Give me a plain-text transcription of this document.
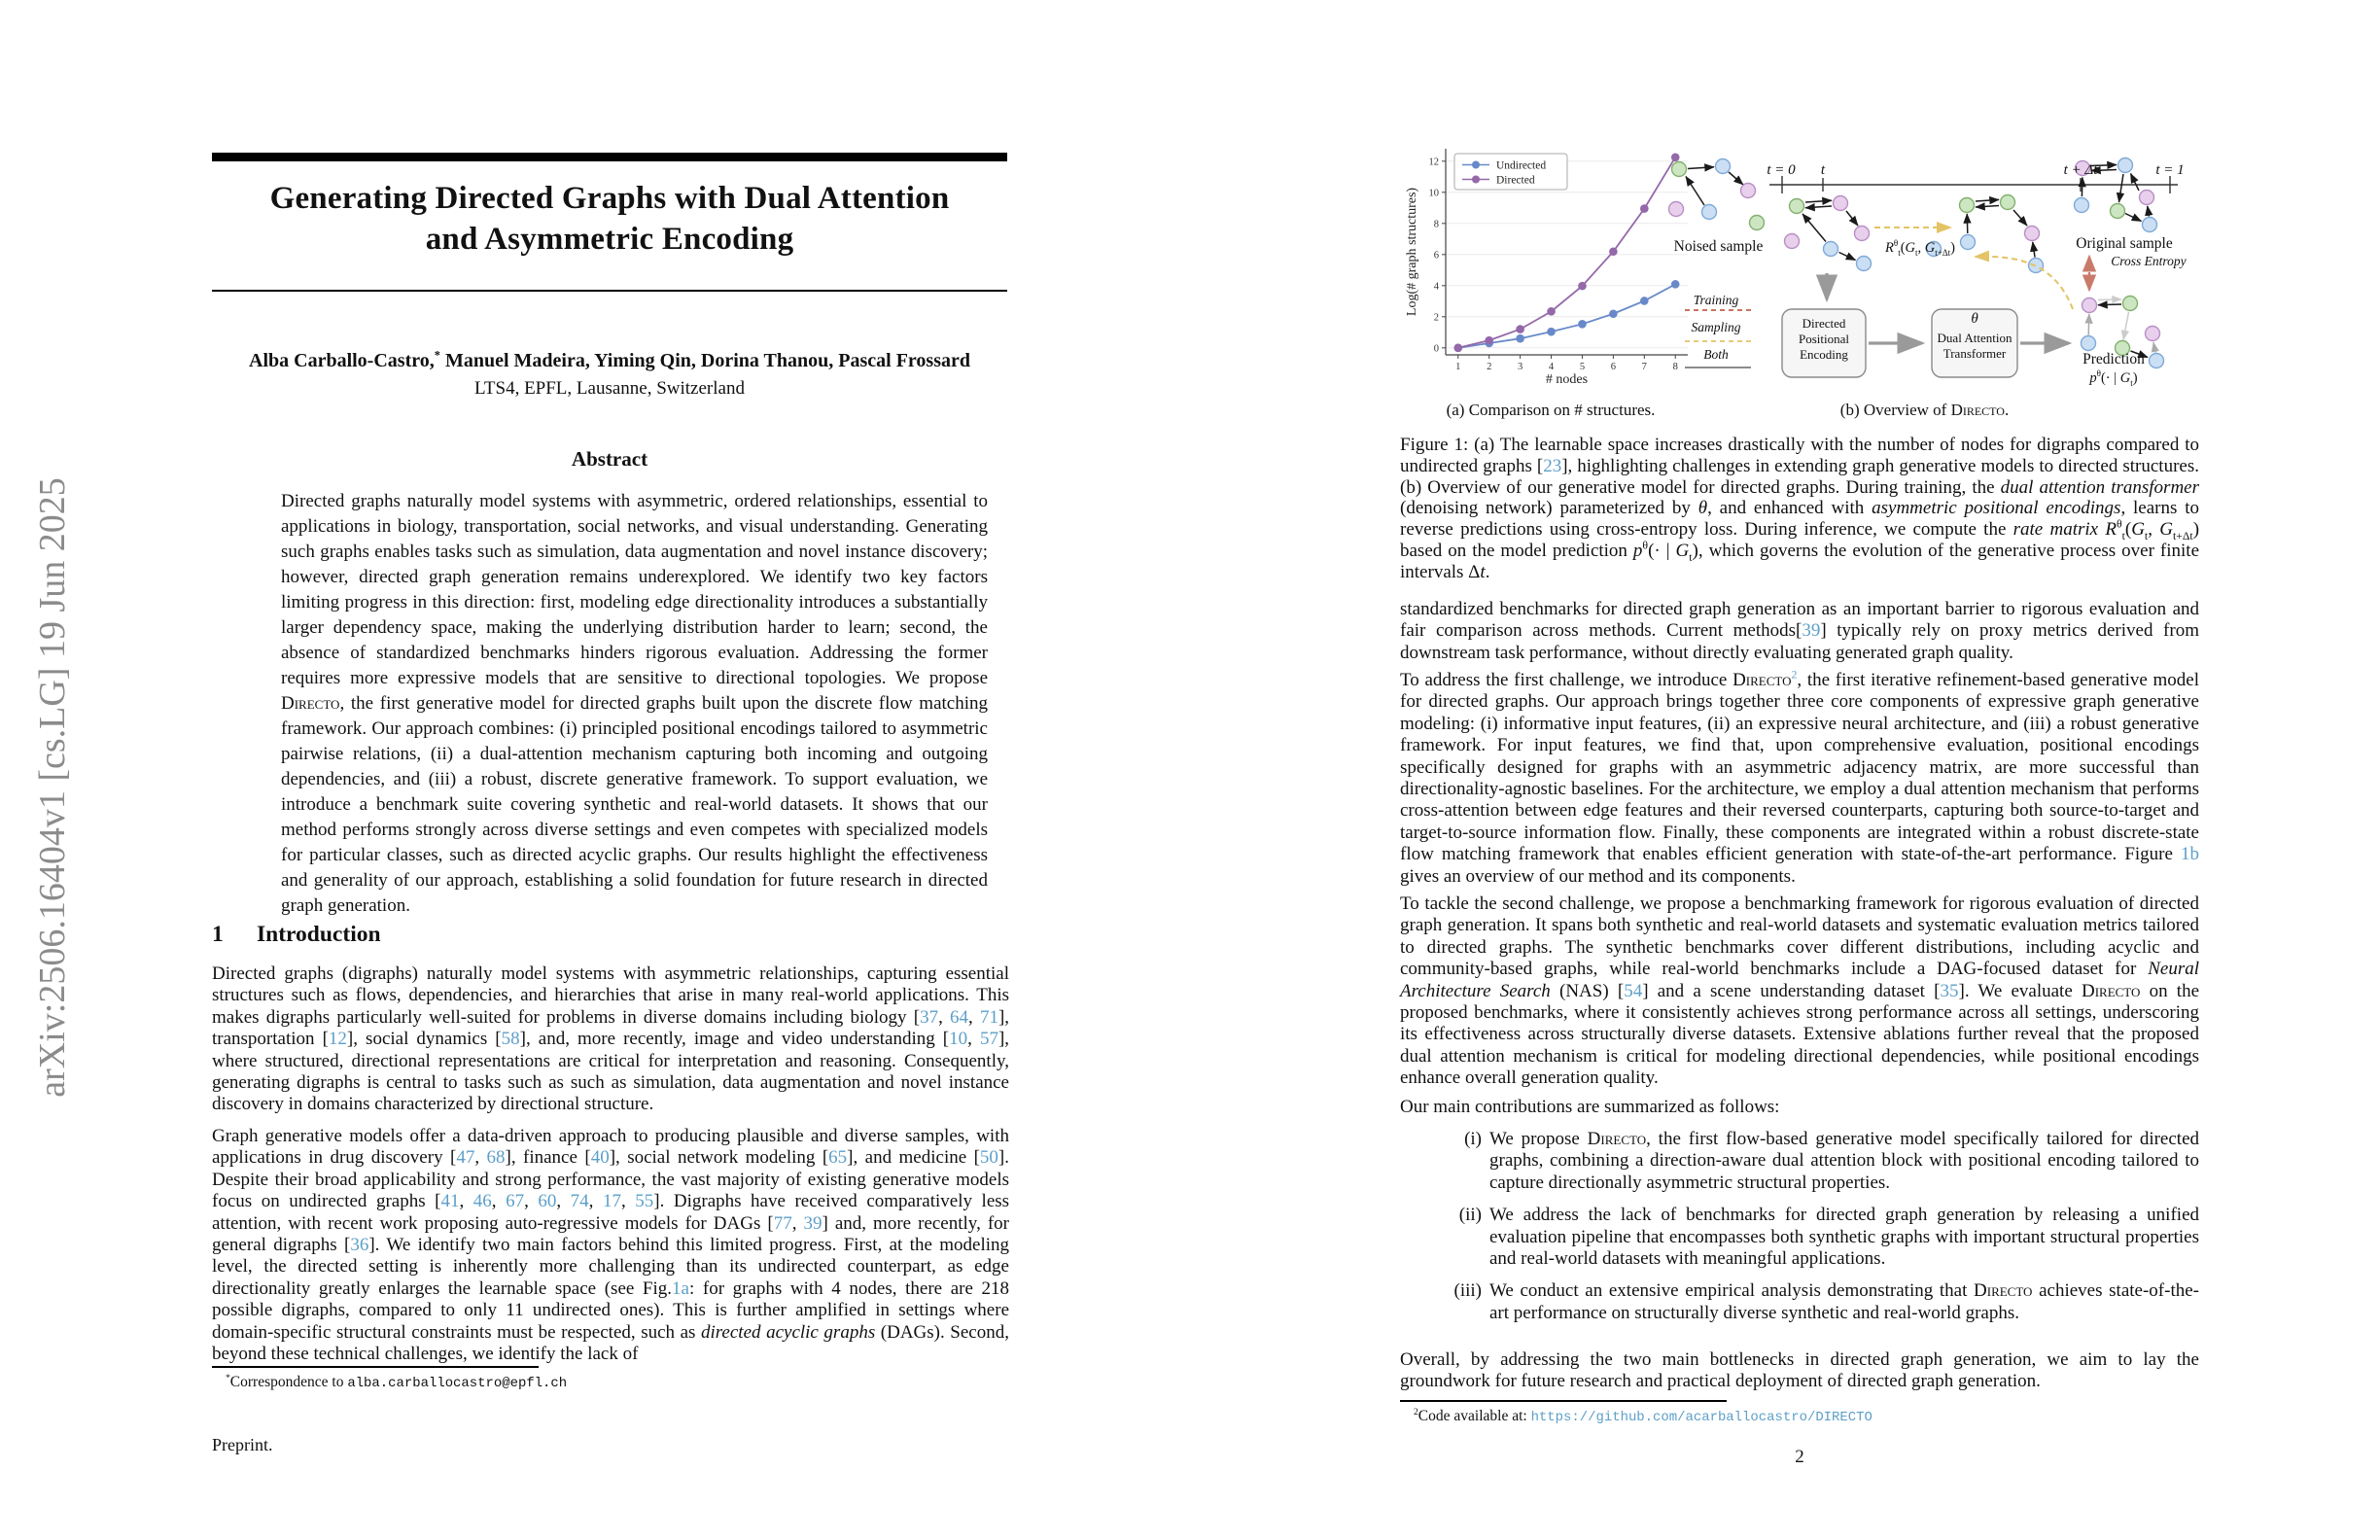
arXiv:2506.16404v1 [cs.LG] 19 Jun 2025
Generating Directed Graphs with Dual Attention
and Asymmetric Encoding
Alba Carballo-Castro,* Manuel Madeira, Yiming Qin, Dorina Thanou, Pascal Frossard
LTS4, EPFL, Lausanne, Switzerland
Abstract
Directed graphs naturally model systems with asymmetric, ordered relationships, essential to applications in biology, transportation, social networks, and visual understanding. Generating such graphs enables tasks such as simulation, data augmentation and novel instance discovery; however, directed graph generation remains underexplored. We identify two key factors limiting progress in this direction: first, modeling edge directionality introduces a substantially larger dependency space, making the underlying distribution harder to learn; second, the absence of standardized benchmarks hinders rigorous evaluation. Addressing the former requires more expressive models that are sensitive to directional topologies. We propose Directo, the first generative model for directed graphs built upon the discrete flow matching framework. Our approach combines: (i) principled positional encodings tailored to asymmetric pairwise relations, (ii) a dual-attention mechanism capturing both incoming and outgoing dependencies, and (iii) a robust, discrete generative framework. To support evaluation, we introduce a benchmark suite covering synthetic and real-world datasets. It shows that our method performs strongly across diverse settings and even competes with specialized models for particular classes, such as directed acyclic graphs. Our results highlight the effectiveness and generality of our approach, establishing a solid foundation for future research in directed graph generation.
1 Introduction
Directed graphs (digraphs) naturally model systems with asymmetric relationships, capturing essential structures such as flows, dependencies, and hierarchies that arise in many real-world applications. This makes digraphs particularly well-suited for problems in diverse domains including biology [37, 64, 71], transportation [12], social dynamics [58], and, more recently, image and video understanding [10, 57], where structured, directional representations are critical for interpretation and reasoning. Consequently, generating digraphs is central to tasks such as such as simulation, data augmentation and novel instance discovery in domains characterized by directional structure.
Graph generative models offer a data-driven approach to producing plausible and diverse samples, with applications in drug discovery [47, 68], finance [40], social network modeling [65], and medicine [50]. Despite their broad applicability and strong performance, the vast majority of existing generative models focus on undirected graphs [41, 46, 67, 60, 74, 17, 55]. Digraphs have received comparatively less attention, with recent work proposing auto-regressive models for DAGs [77, 39] and, more recently, for general digraphs [36]. We identify two main factors behind this limited progress. First, at the modeling level, the directed setting is inherently more challenging than its undirected counterpart, as edge directionality greatly enlarges the learnable space (see Fig.1a: for graphs with 4 nodes, there are 218 possible digraphs, compared to only 11 undirected ones). This is further amplified in settings where domain-specific structural constraints must be respected, such as directed acyclic graphs (DAGs). Second, beyond these technical challenges, we identify the lack of
*Correspondence to alba.carballocastro@epfl.ch
Preprint.
1	2	3	4	5	6	7	8
0
2
4
6
8
10
12
# nodes
Log(# graph structures)
Undirected
Directed
t = 0	t	t + Δt	t = 1
Noised sample	Original sample
$R^\theta_t(G_t$, $G_{t+\Delta t}$)
Cross Entropy
Directed Positional Encoding
θ
Dual Attention Transformer
Training
Sampling
Both	Prediction
$p^\theta(\cdot$ | $G_t$)
(a) Comparison on # structures.	(b) Overview of Directo.
Figure 1: (a) The learnable space increases drastically with the number of nodes for digraphs compared to undirected graphs [23], highlighting challenges in extending graph generative models to directed structures. (b) Overview of our generative model for directed graphs. During training, the dual attention transformer (denoising network) parameterized by θ, and enhanced with asymmetric positional encodings, learns to reverse predictions using cross-entropy loss. During inference, we compute the rate matrix $R^\theta_t(G_t$, $G_{t+\Delta t}$) based on the model prediction $p^\theta(\cdot$ | $G_t$), which governs the evolution of the generative process over finite intervals Δt.
standardized benchmarks for directed graph generation as an important barrier to rigorous evaluation and fair comparison across methods. Current methods[39] typically rely on proxy metrics derived from downstream task performance, without directly evaluating generated graph quality.
To address the first challenge, we introduce Directo$^2$, the first iterative refinement-based generative model for directed graphs. Our approach brings together three core components of expressive graph generative modeling: (i) informative input features, (ii) an expressive neural architecture, and (iii) a robust generative framework. For input features, we find that, upon comprehensive evaluation, positional encodings specifically designed for graphs with an asymmetric adjacency matrix, are more successful than directionality-agnostic baselines. For the architecture, we employ a dual attention mechanism that performs cross-attention between edge features and their reversed counterparts, capturing both source-to-target and target-to-source information flow. Finally, these components are integrated within a robust discrete-state flow matching framework that enables efficient generation with state-of-the-art performance. Figure 1b gives an overview of our method and its components.
To tackle the second challenge, we propose a benchmarking framework for rigorous evaluation of directed graph generation. It spans both synthetic and real-world datasets and systematic evaluation metrics tailored to directed graphs. The synthetic benchmarks cover different distributions, including acyclic and community-based graphs, while real-world benchmarks include a DAG-focused dataset for Neural Architecture Search (NAS) [54] and a scene understanding dataset [35]. We evaluate Directo on the proposed benchmarks, where it consistently achieves strong performance across all settings, underscoring its effectiveness across structurally diverse datasets. Extensive ablations further reveal that the proposed dual attention mechanism is critical for modeling directional dependencies, while positional encodings enhance overall generation quality.
Our main contributions are summarized as follows:
(i) We propose Directo, the first flow-based generative model specifically tailored for directed graphs, combining a direction-aware dual attention block with positional encoding tailored to capture directionally asymmetric structural properties.
(ii) We address the lack of benchmarks for directed graph generation by releasing a unified evaluation pipeline that encompasses both synthetic graphs with important structural properties and real-world datasets with meaningful applications.
(iii) We conduct an extensive empirical analysis demonstrating that Directo achieves state-of-the-art performance on structurally diverse synthetic and real-world graphs.
Overall, by addressing the two main bottlenecks in directed graph generation, we aim to lay the groundwork for future research and practical deployment of directed graph generation.
$^2$Code available at: https://github.com/acarballocastro/DIRECTO
2
